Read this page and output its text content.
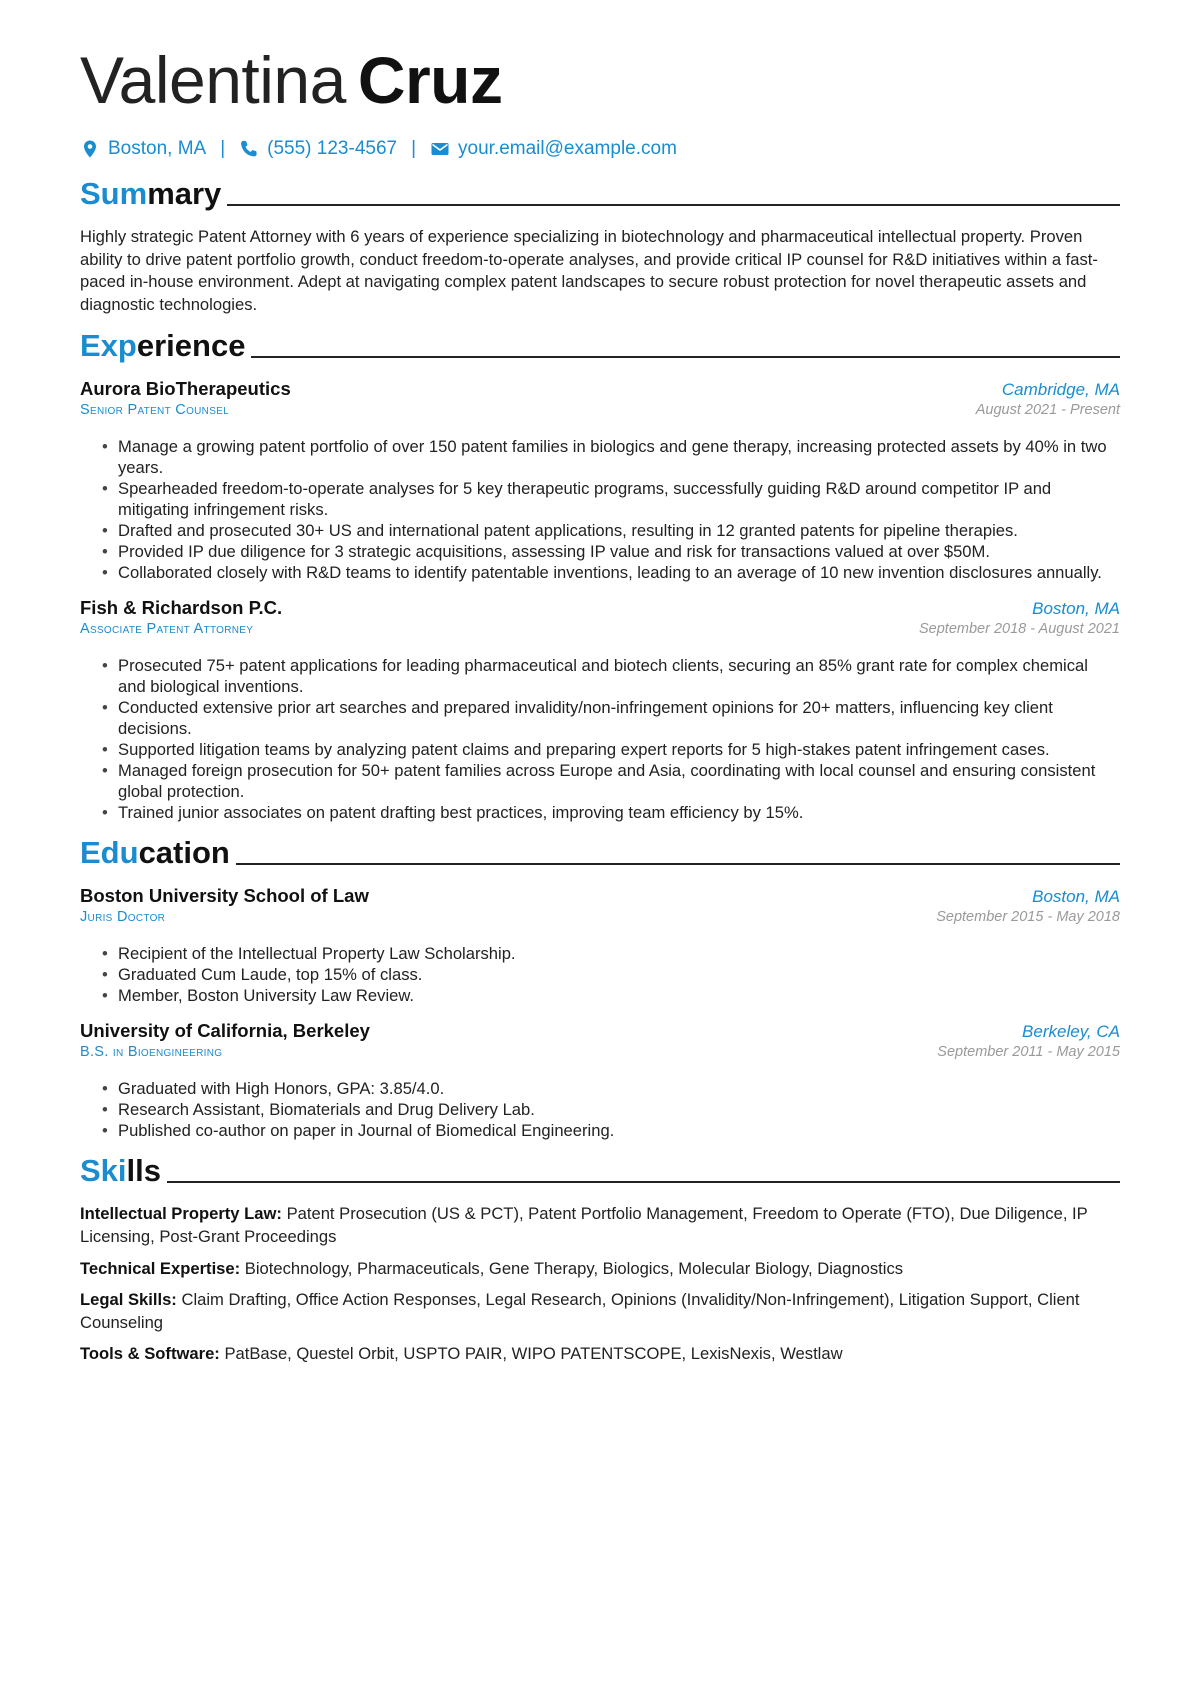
Valentina Cruz
Boston, MA | (555) 123-4567 | your.email@example.com
Summary
Highly strategic Patent Attorney with 6 years of experience specializing in biotechnology and pharmaceutical intellectual property. Proven ability to drive patent portfolio growth, conduct freedom-to-operate analyses, and provide critical IP counsel for R&D initiatives within a fast-paced in-house environment. Adept at navigating complex patent landscapes to secure robust protection for novel therapeutic assets and diagnostic technologies.
Experience
Aurora BioTherapeutics	Cambridge, MA
Senior Patent Counsel	August 2021 - Present
• Manage a growing patent portfolio of over 150 patent families in biologics and gene therapy, increasing protected assets by 40% in two years.
• Spearheaded freedom-to-operate analyses for 5 key therapeutic programs, successfully guiding R&D around competitor IP and mitigating infringement risks.
• Drafted and prosecuted 30+ US and international patent applications, resulting in 12 granted patents for pipeline therapies.
• Provided IP due diligence for 3 strategic acquisitions, assessing IP value and risk for transactions valued at over $50M.
• Collaborated closely with R&D teams to identify patentable inventions, leading to an average of 10 new invention disclosures annually.
Fish & Richardson P.C.	Boston, MA
Associate Patent Attorney	September 2018 - August 2021
• Prosecuted 75+ patent applications for leading pharmaceutical and biotech clients, securing an 85% grant rate for complex chemical and biological inventions.
• Conducted extensive prior art searches and prepared invalidity/non-infringement opinions for 20+ matters, influencing key client decisions.
• Supported litigation teams by analyzing patent claims and preparing expert reports for 5 high-stakes patent infringement cases.
• Managed foreign prosecution for 50+ patent families across Europe and Asia, coordinating with local counsel and ensuring consistent global protection.
• Trained junior associates on patent drafting best practices, improving team efficiency by 15%.
Education
Boston University School of Law	Boston, MA
Juris Doctor	September 2015 - May 2018
• Recipient of the Intellectual Property Law Scholarship.
• Graduated Cum Laude, top 15% of class.
• Member, Boston University Law Review.
University of California, Berkeley	Berkeley, CA
B.S. in Bioengineering	September 2011 - May 2015
• Graduated with High Honors, GPA: 3.85/4.0.
• Research Assistant, Biomaterials and Drug Delivery Lab.
• Published co-author on paper in Journal of Biomedical Engineering.
Skills
Intellectual Property Law: Patent Prosecution (US & PCT), Patent Portfolio Management, Freedom to Operate (FTO), Due Diligence, IP Licensing, Post-Grant Proceedings
Technical Expertise: Biotechnology, Pharmaceuticals, Gene Therapy, Biologics, Molecular Biology, Diagnostics
Legal Skills: Claim Drafting, Office Action Responses, Legal Research, Opinions (Invalidity/Non-Infringement), Litigation Support, Client Counseling
Tools & Software: PatBase, Questel Orbit, USPTO PAIR, WIPO PATENTSCOPE, LexisNexis, Westlaw
